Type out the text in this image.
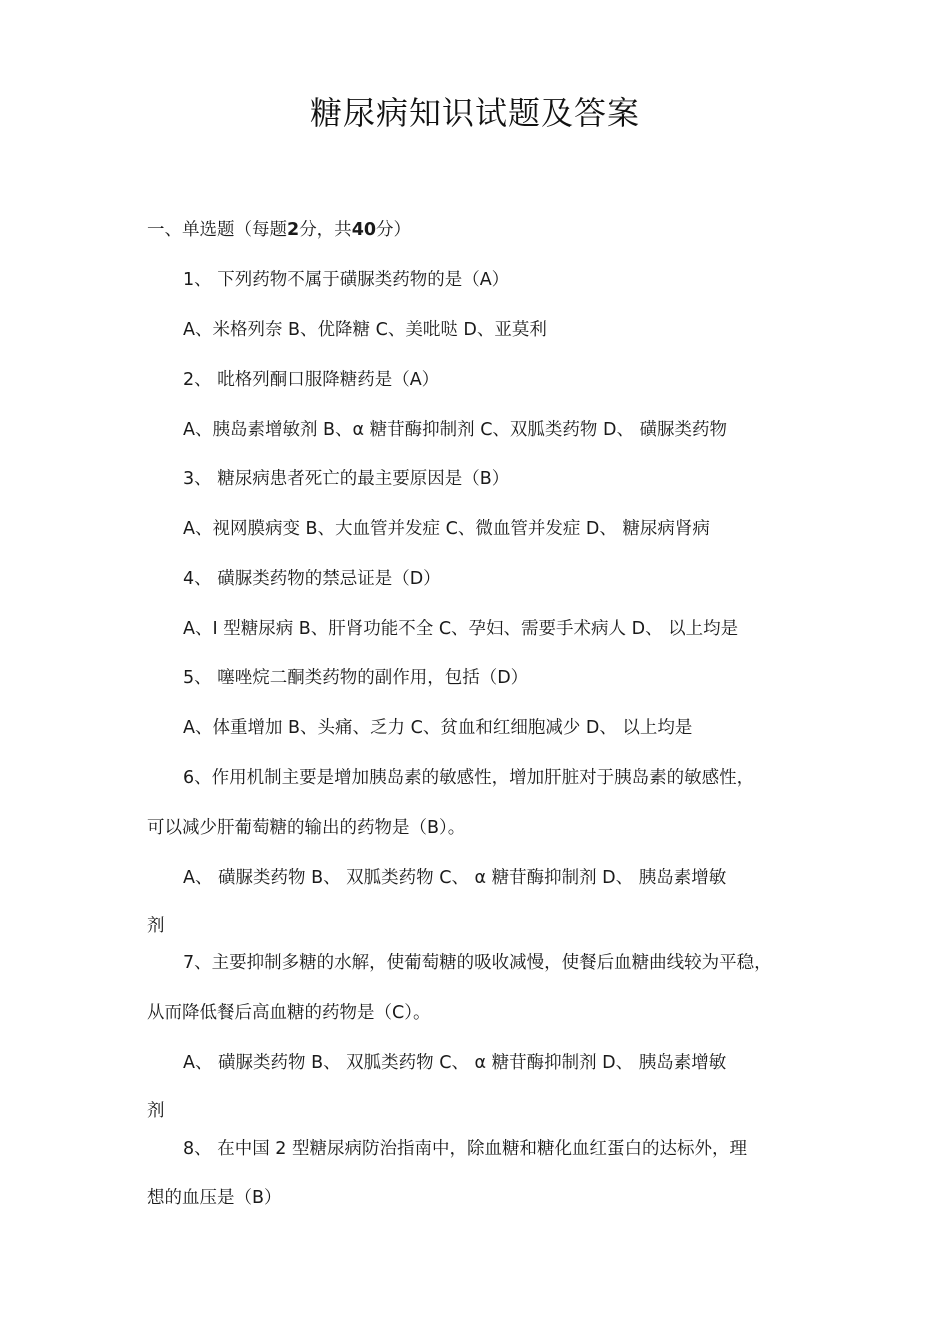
糖尿病知识试题及答案
一、单选题（每题2分，共40分）
1、 下列药物不属于磺脲类药物的是（A）
A、米格列奈 B、优降糖 C、美吡哒 D、亚莫利
2、 吡格列酮口服降糖药是（A）
A、胰岛素增敏剂 B、α 糖苷酶抑制剂 C、双胍类药物 D、 磺脲类药物
3、 糖尿病患者死亡的最主要原因是（B）
A、视网膜病变 B、大血管并发症 C、微血管并发症 D、 糖尿病肾病
4、 磺脲类药物的禁忌证是（D）
A、I 型糖尿病 B、肝肾功能不全 C、孕妇、需要手术病人 D、 以上均是
5、 噻唑烷二酮类药物的副作用，包括（D）
A、体重增加 B、头痛、乏力 C、贫血和红细胞减少 D、 以上均是
6、作用机制主要是增加胰岛素的敏感性，增加肝脏对于胰岛素的敏感性，
可以减少肝葡萄糖的输出的药物是（B）。
A、 磺脲类药物 B、 双胍类药物 C、 α 糖苷酶抑制剂 D、 胰岛素增敏
剂
7、主要抑制多糖的水解，使葡萄糖的吸收减慢，使餐后血糖曲线较为平稳，
从而降低餐后高血糖的药物是（C）。
A、 磺脲类药物 B、 双胍类药物 C、 α 糖苷酶抑制剂 D、 胰岛素增敏
剂
8、 在中国 2 型糖尿病防治指南中，除血糖和糖化血红蛋白的达标外，理
想的血压是（B）
